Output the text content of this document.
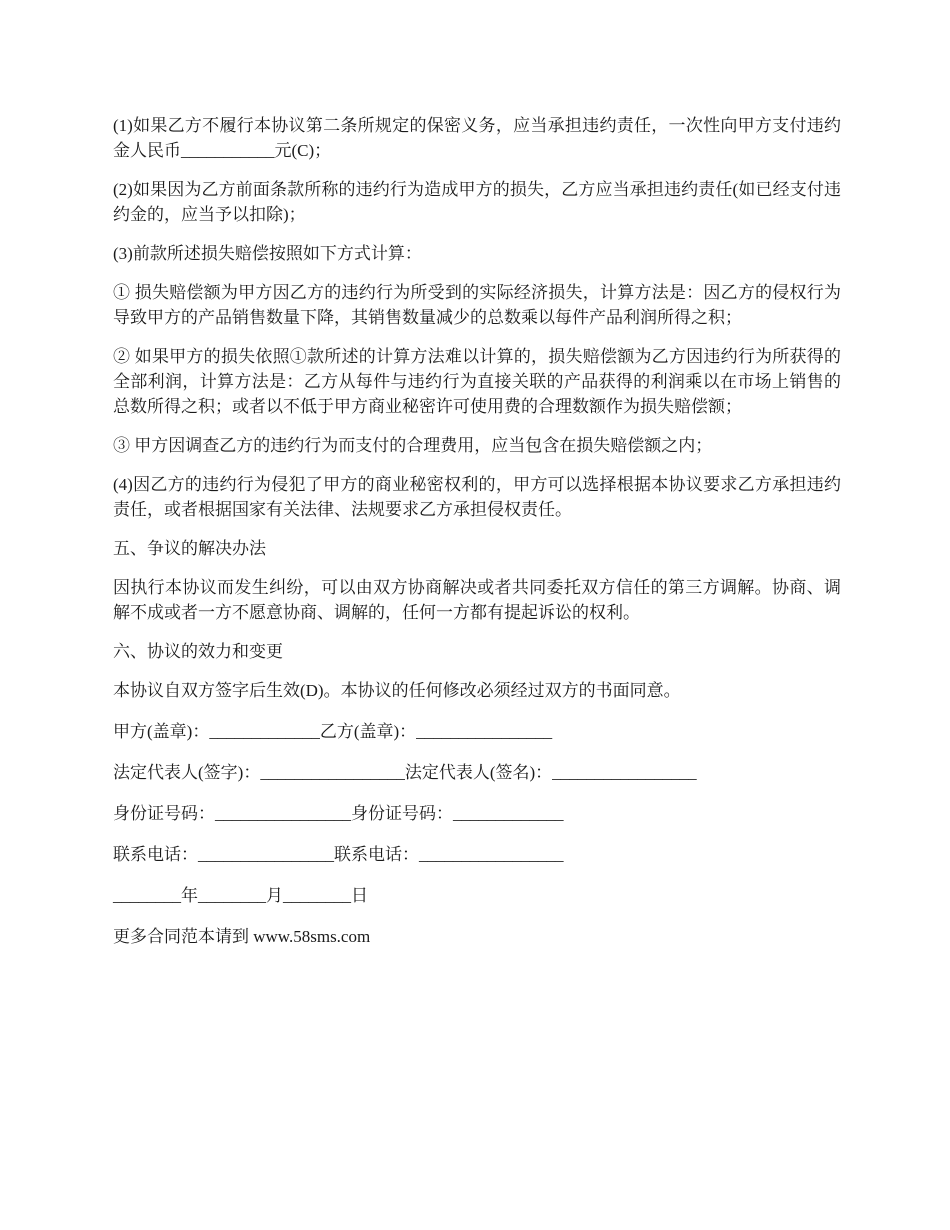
(1)如果乙方不履行本协议第二条所规定的保密义务，应当承担违约责任，一次性向甲方支付违约金人民币___________元(C)；

(2)如果因为乙方前面条款所称的违约行为造成甲方的损失，乙方应当承担违约责任(如已经支付违约金的，应当予以扣除)；

(3)前款所述损失赔偿按照如下方式计算：

① 损失赔偿额为甲方因乙方的违约行为所受到的实际经济损失，计算方法是：因乙方的侵权行为导致甲方的产品销售数量下降，其销售数量减少的总数乘以每件产品利润所得之积；

② 如果甲方的损失依照①款所述的计算方法难以计算的，损失赔偿额为乙方因违约行为所获得的全部利润，计算方法是：乙方从每件与违约行为直接关联的产品获得的利润乘以在市场上销售的总数所得之积；或者以不低于甲方商业秘密许可使用费的合理数额作为损失赔偿额；

③ 甲方因调查乙方的违约行为而支付的合理费用，应当包含在损失赔偿额之内；

(4)因乙方的违约行为侵犯了甲方的商业秘密权利的，甲方可以选择根据本协议要求乙方承担违约责任，或者根据国家有关法律、法规要求乙方承担侵权责任。

五、争议的解决办法

因执行本协议而发生纠纷，可以由双方协商解决或者共同委托双方信任的第三方调解。协商、调解不成或者一方不愿意协商、调解的，任何一方都有提起诉讼的权利。

六、协议的效力和变更

本协议自双方签字后生效(D)。本协议的任何修改必须经过双方的书面同意。

甲方(盖章)：_____________乙方(盖章)：________________

法定代表人(签字)：_________________法定代表人(签名)：_________________

身份证号码：________________身份证号码：_____________

联系电话：________________联系电话：_________________

________年________月________日

更多合同范本请到 www.58sms.com
